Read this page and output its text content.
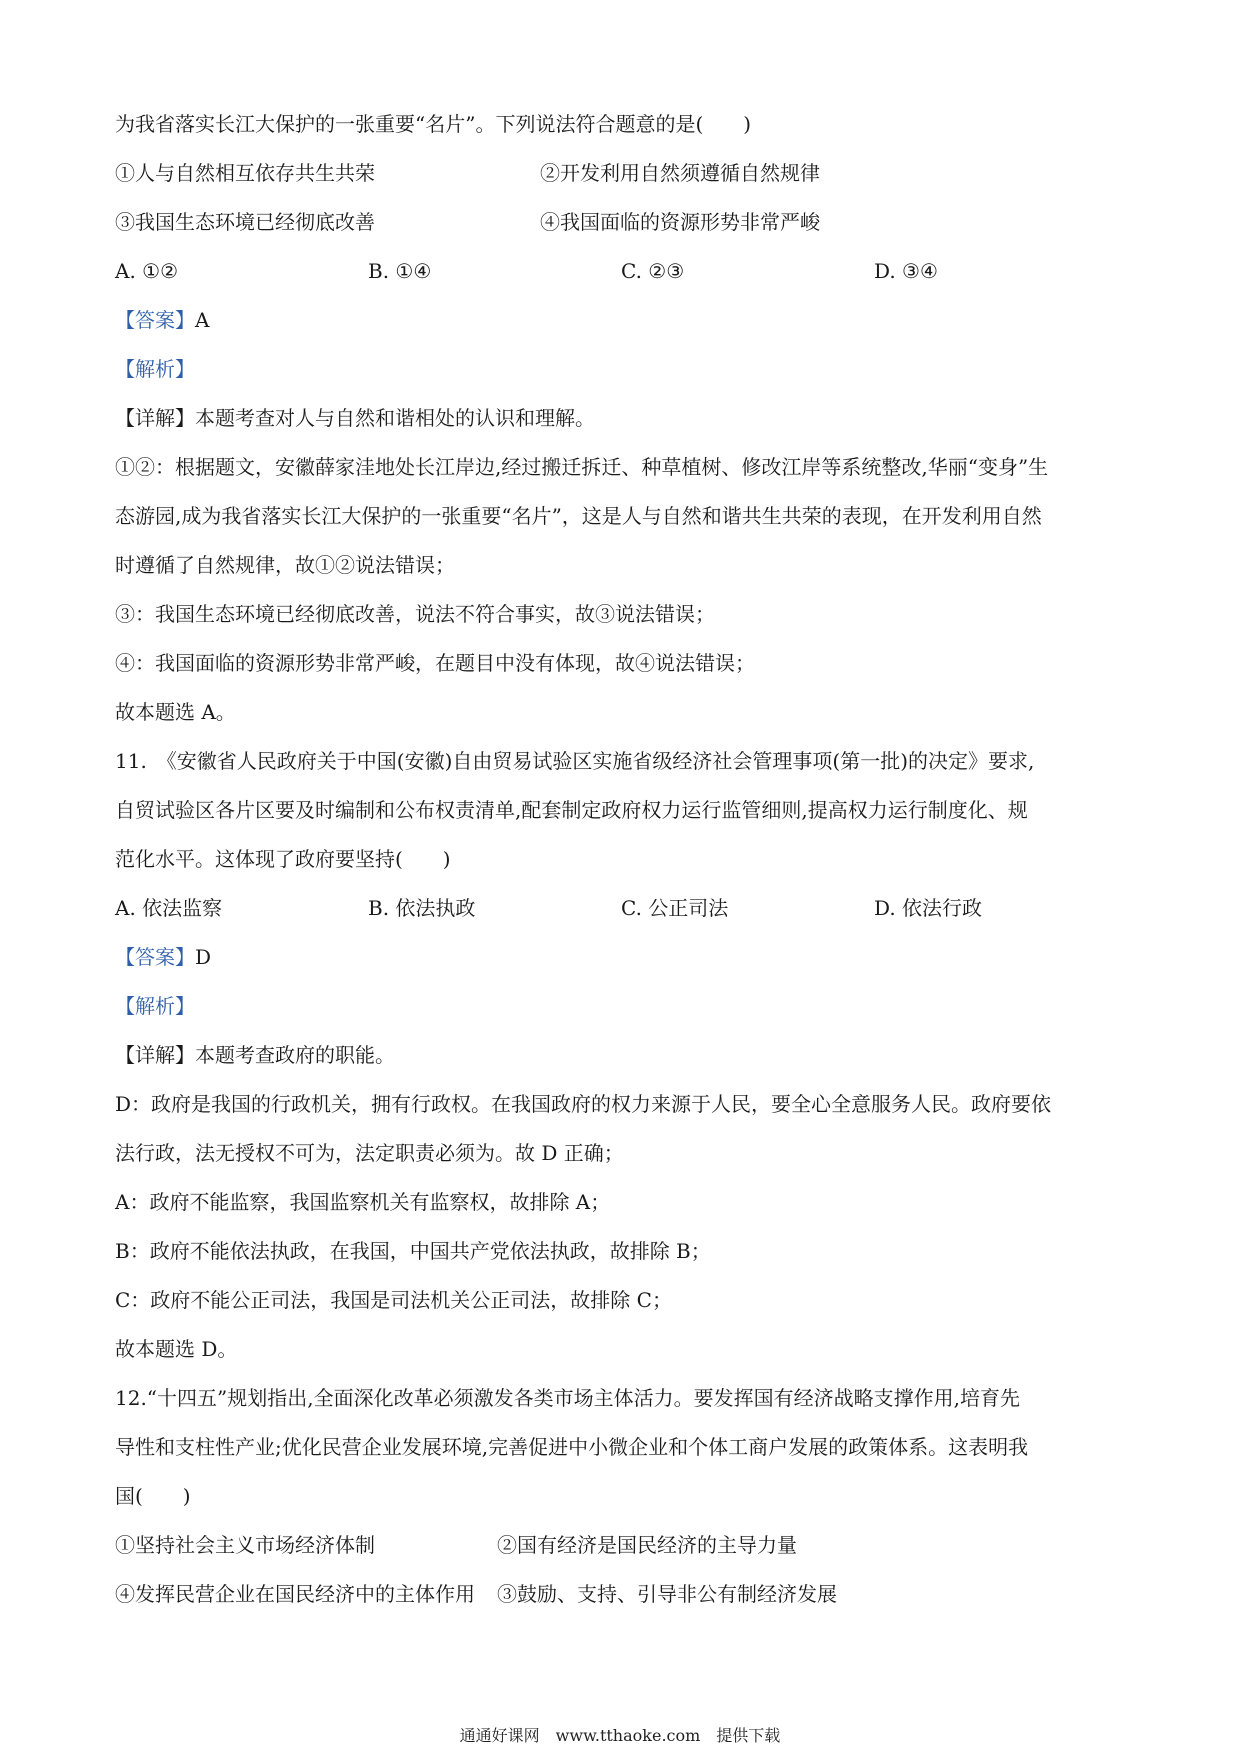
为我省落实长江大保护的一张重要“名片”。下列说法符合题意的是(　　)
①人与自然相互依存共生共荣	②开发利用自然须遵循自然规律
③我国生态环境已经彻底改善	④我国面临的资源形势非常严峻
A. ①②	B. ①④	C. ②③	D. ③④
【答案】A
【解析】
【详解】本题考查对人与自然和谐相处的认识和理解。
①②：根据题文，安徽薛家洼地处长江岸边,经过搬迁拆迁、种草植树、修改江岸等系统整改,华丽“变身”生
态游园,成为我省落实长江大保护的一张重要“名片”，这是人与自然和谐共生共荣的表现，在开发利用自然
时遵循了自然规律，故①②说法错误；
③：我国生态环境已经彻底改善，说法不符合事实，故③说法错误；
④：我国面临的资源形势非常严峻，在题目中没有体现，故④说法错误；
故本题选 A。
11.　《安徽省人民政府关于中国(安徽)自由贸易试验区实施省级经济社会管理事项(第一批)的决定》要求,
自贸试验区各片区要及时编制和公布权责清单,配套制定政府权力运行监管细则,提高权力运行制度化、规
范化水平。这体现了政府要坚持(　　)
A. 依法监察	B. 依法执政	C. 公正司法	D. 依法行政
【答案】D
【解析】
【详解】本题考查政府的职能。
D：政府是我国的行政机关，拥有行政权。在我国政府的权力来源于人民，要全心全意服务人民。政府要依
法行政，法无授权不可为，法定职责必须为。故 D 正确；
A：政府不能监察，我国监察机关有监察权，故排除 A；
B：政府不能依法执政，在我国，中国共产党依法执政，故排除 B；
C：政府不能公正司法，我国是司法机关公正司法，故排除 C；
故本题选 D。
12.“十四五”规划指出,全面深化改革必须激发各类市场主体活力。要发挥国有经济战略支撑作用,培育先
导性和支柱性产业;优化民营企业发展环境,完善促进中小微企业和个体工商户发展的政策体系。这表明我
国(　　)
①坚持社会主义市场经济体制	②国有经济是国民经济的主导力量
④发挥民营企业在国民经济中的主体作用	③鼓励、支持、引导非公有制经济发展
通通好课网　www.tthaoke.com　提供下载
